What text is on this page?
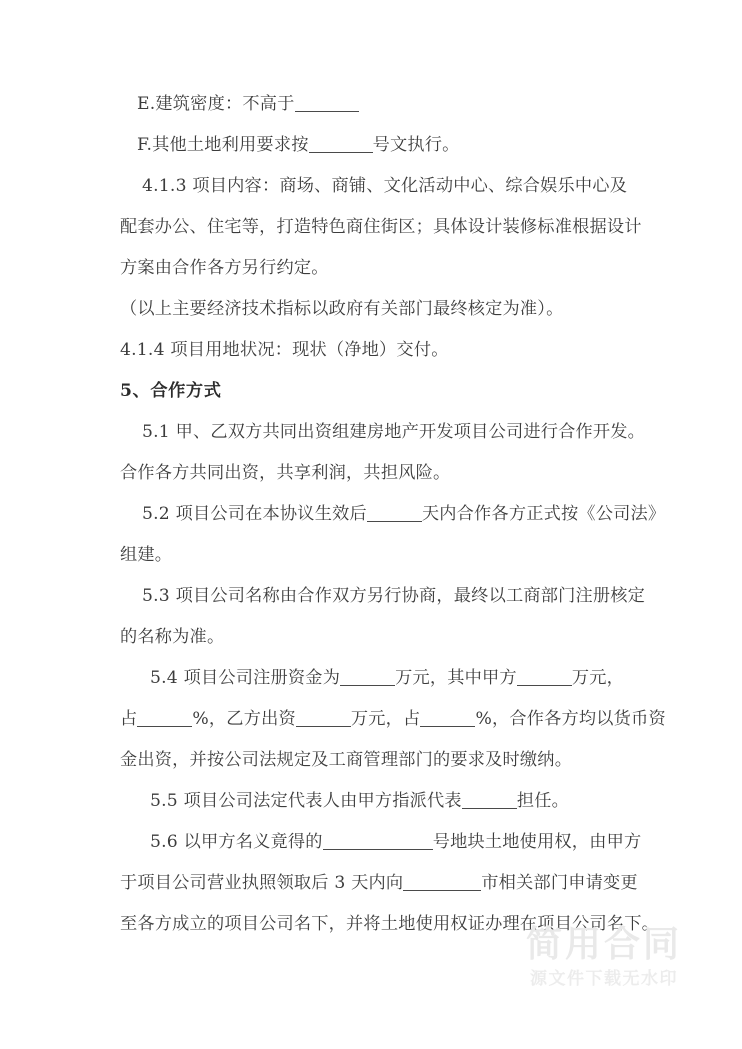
E.建筑密度：不高于
F.其他土地利用要求按	号文执行。
4.1.3 项目内容：商场、商铺、文化活动中心、综合娱乐中心及
配套办公、住宅等，打造特色商住街区；具体设计装修标准根据设计
方案由合作各方另行约定。
（以上主要经济技术指标以政府有关部门最终核定为准）。
4.1.4 项目用地状况：现状（净地）交付。
5、合作方式
5.1 甲、乙双方共同出资组建房地产开发项目公司进行合作开发。
合作各方共同出资，共享利润，共担风险。
5.2 项目公司在本协议生效后	天内合作各方正式按《公司法》
组建。
5.3 项目公司名称由合作双方另行协商，最终以工商部门注册核定
的名称为准。
5.4 项目公司注册资金为	万元，其中甲方	万元，
占	%，乙方出资	万元，占	%，合作各方均以货币资
金出资，并按公司法规定及工商管理部门的要求及时缴纳。
5.5 项目公司法定代表人由甲方指派代表	担任。
5.6 以甲方名义竟得的	号地块土地使用权，由甲方
于项目公司营业执照领取后 3 天内向	市相关部门申请变更
至各方成立的项目公司名下，并将土地使用权证办理在项目公司名下。
简用合同
源文件下载无水印
